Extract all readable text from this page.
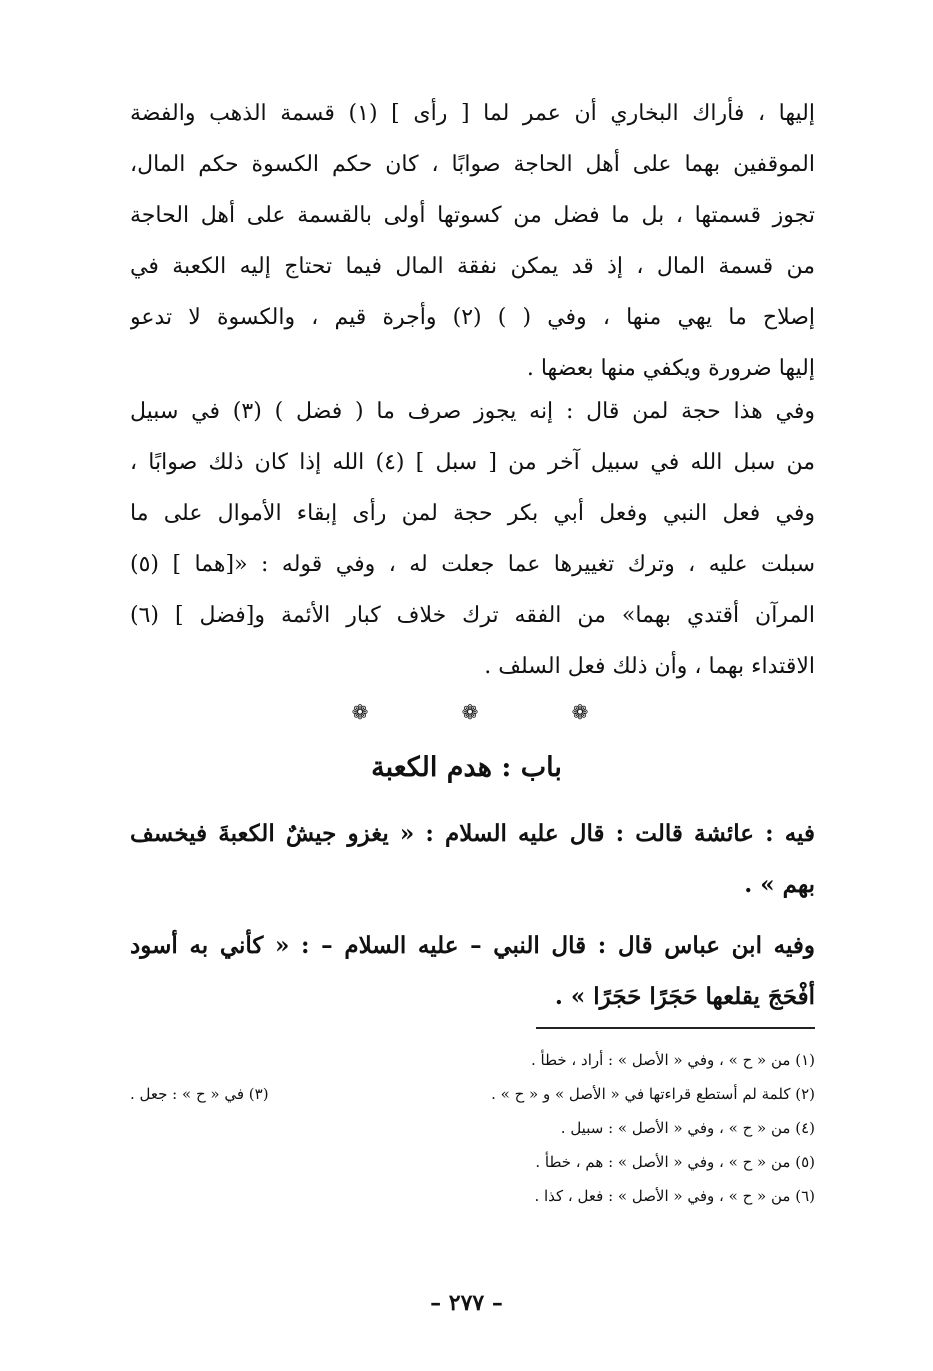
إليها ، فأراك البخاري أن عمر لما [ رأى ] (١) قسمة الذهب والفضة
الموقفين بهما على أهل الحاجة صوابًا ، كان حكم الكسوة حكم المال،
تجوز قسمتها ، بل ما فضل من كسوتها أولى بالقسمة على أهل الحاجة
من قسمة المال ، إذ قد يمكن نفقة المال فيما تحتاج إليه الكعبة في
إصلاح ما يهي منها ، وفي ( ) (٢) وأجرة قيم ، والكسوة لا تدعو
إليها ضرورة ويكفي منها بعضها .
وفي هذا حجة لمن قال : إنه يجوز صرف ما ( فضل ) (٣) في سبيل
من سبل الله في سبيل آخر من [ سبل ] (٤) الله إذا كان ذلك صوابًا ،
وفي فعل النبي وفعل أبي بكر حجة لمن رأى إبقاء الأموال على ما
سبلت عليه ، وترك تغييرها عما جعلت له ، وفي قوله : «[هما ] (٥)
المرآن أقتدي بهما» من الفقه ترك خلاف كبار الأئمة و[فضل ] (٦)
الاقتداء بهما ، وأن ذلك فعل السلف .
❁	❁	❁
باب : هدم الكعبة
فيه : عائشة قالت : قال عليه السلام : « يغزو جيشٌ الكعبةَ فيخسف
بهم » .
وفيه ابن عباس قال : قال النبي – عليه السلام – : « كأني به أسود
أفْحَجَ يقلعها حَجَرًا حَجَرًا » .
(١) من « ح » ، وفي « الأصل » : أراد ، خطأ .
(٢) كلمة لم أستطع قراءتها في « الأصل » و « ح » .
(٣) في « ح » : جعل .
(٤) من « ح » ، وفي « الأصل » : سبيل .
(٥) من « ح » ، وفي « الأصل » : هم ، خطأ .
(٦) من « ح » ، وفي « الأصل » : فعل ، كذا .
– ٢٧٧ –
